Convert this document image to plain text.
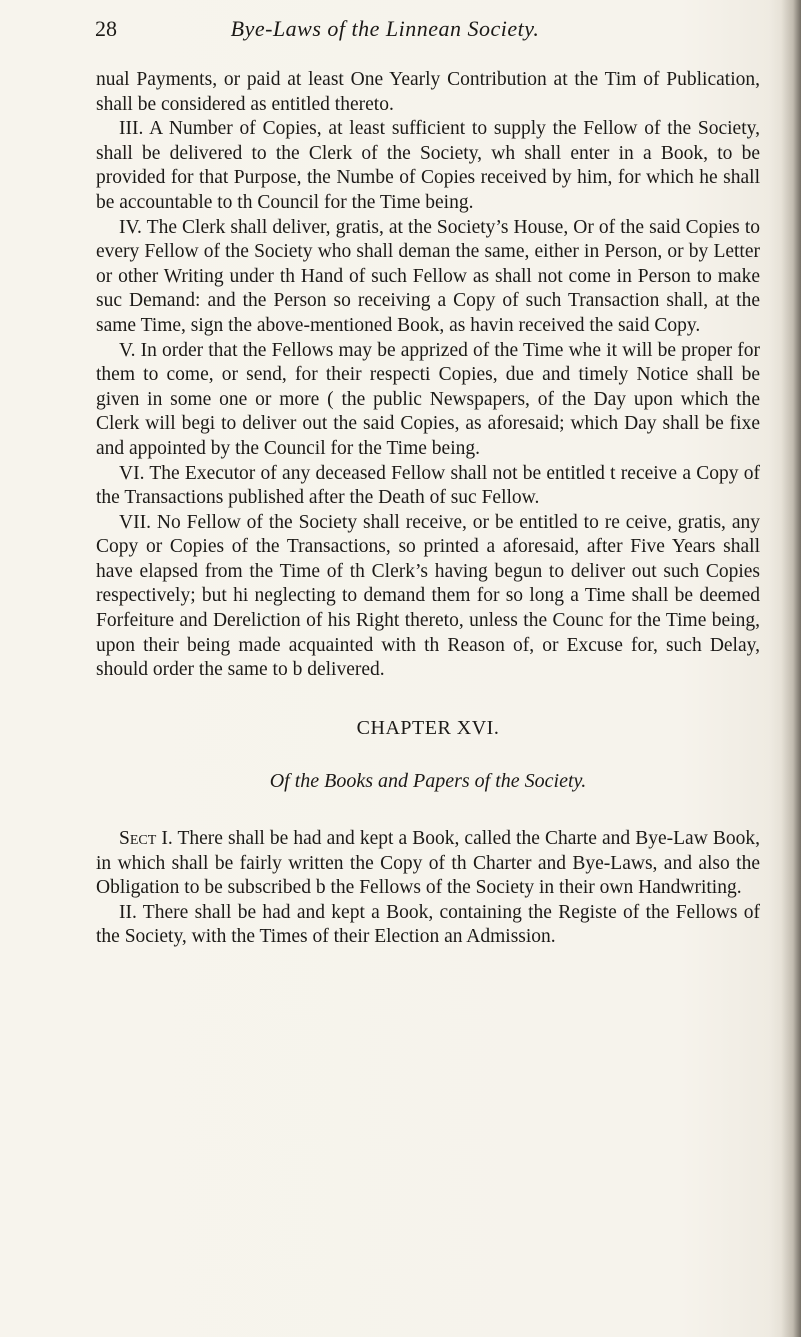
28	Bye-Laws of the Linnean Society.

nual Payments, or paid at least One Yearly Contribution at the Tim of Publication, shall be considered as entitled thereto.

III. A Number of Copies, at least sufficient to supply the Fellow of the Society, shall be delivered to the Clerk of the Society, wh shall enter in a Book, to be provided for that Purpose, the Numbe of Copies received by him, for which he shall be accountable to th Council for the Time being.

IV. The Clerk shall deliver, gratis, at the Society’s House, Or of the said Copies to every Fellow of the Society who shall deman the same, either in Person, or by Letter or other Writing under th Hand of such Fellow as shall not come in Person to make suc Demand: and the Person so receiving a Copy of such Transaction shall, at the same Time, sign the above-mentioned Book, as havin received the said Copy.

V. In order that the Fellows may be apprized of the Time whe it will be proper for them to come, or send, for their respecti Copies, due and timely Notice shall be given in some one or more ( the public Newspapers, of the Day upon which the Clerk will begi to deliver out the said Copies, as aforesaid; which Day shall be fixe and appointed by the Council for the Time being.

VI. The Executor of any deceased Fellow shall not be entitled t receive a Copy of the Transactions published after the Death of suc Fellow.

VII. No Fellow of the Society shall receive, or be entitled to re ceive, gratis, any Copy or Copies of the Transactions, so printed a aforesaid, after Five Years shall have elapsed from the Time of th Clerk’s having begun to deliver out such Copies respectively; but hi neglecting to demand them for so long a Time shall be deemed Forfeiture and Dereliction of his Right thereto, unless the Counc for the Time being, upon their being made acquainted with th Reason of, or Excuse for, such Delay, should order the same to b delivered.

CHAPTER XVI.
Of the Books and Papers of the Society.

Sect I. There shall be had and kept a Book, called the Charte and Bye-Law Book, in which shall be fairly written the Copy of th Charter and Bye-Laws, and also the Obligation to be subscribed b the Fellows of the Society in their own Handwriting.

II. There shall be had and kept a Book, containing the Registe of the Fellows of the Society, with the Times of their Election an Admission.
